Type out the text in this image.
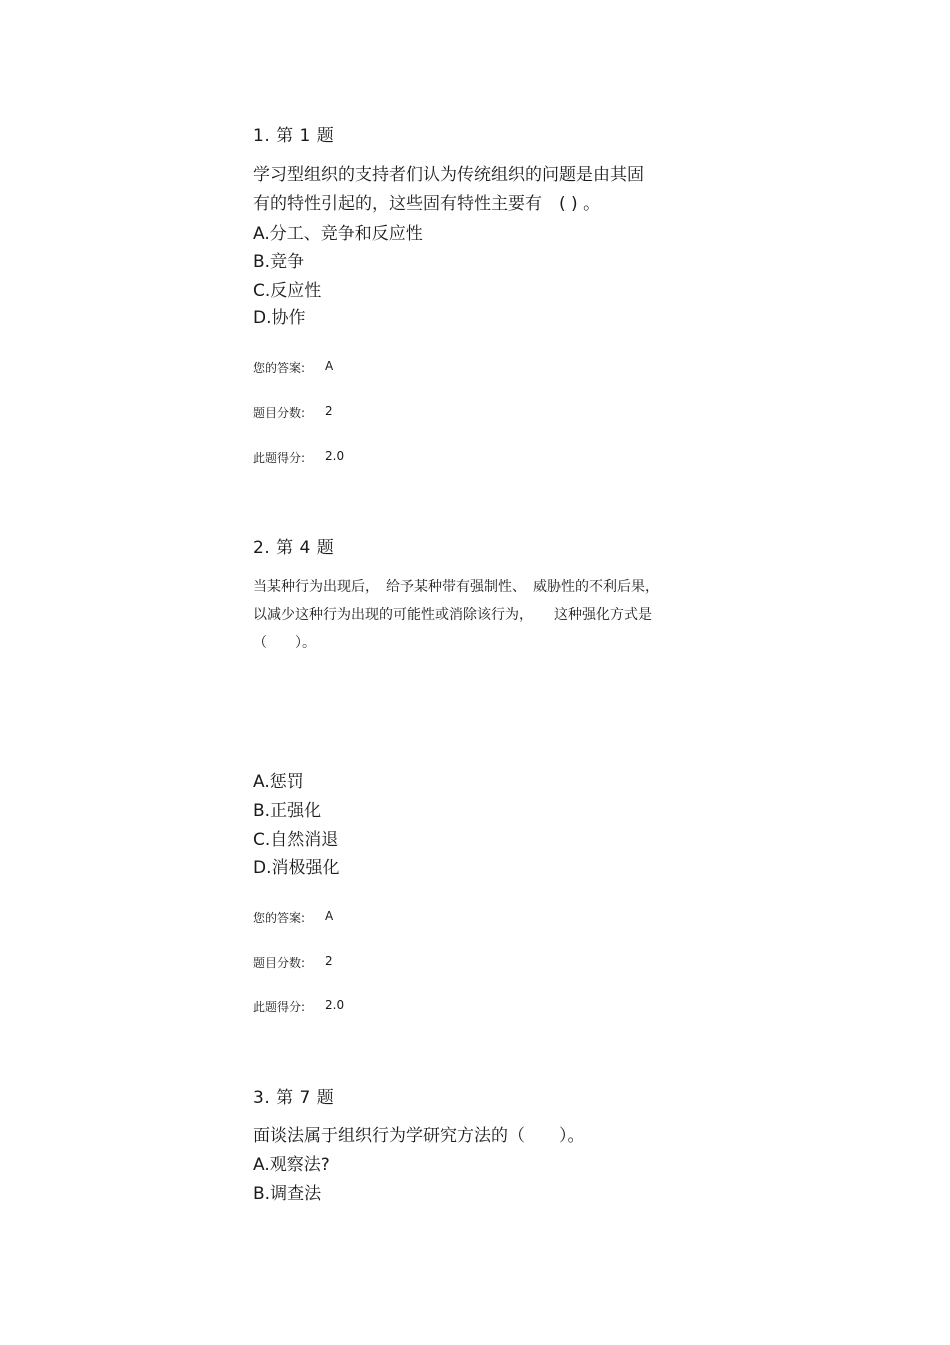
1. 第 1 题
学习型组织的支持者们认为传统组织的问题是由其固
有的特性引起的，这些固有特性主要有　( ) 。
A.分工、竞争和反应性
B.竞争
C.反应性
D.协作
您的答案: A
题目分数: 2
此题得分: 2.0
2. 第 4 题
当某种行为出现后，　给予某种带有强制性、　威胁性的不利后果，
以减少这种行为出现的可能性或消除该行为，　　这种强化方式是
（　　）。
A.惩罚
B.正强化
C.自然消退
D.消极强化
您的答案: A
题目分数: 2
此题得分: 2.0
3. 第 7 题
面谈法属于组织行为学研究方法的（　　）。
A.观察法?
B.调查法
